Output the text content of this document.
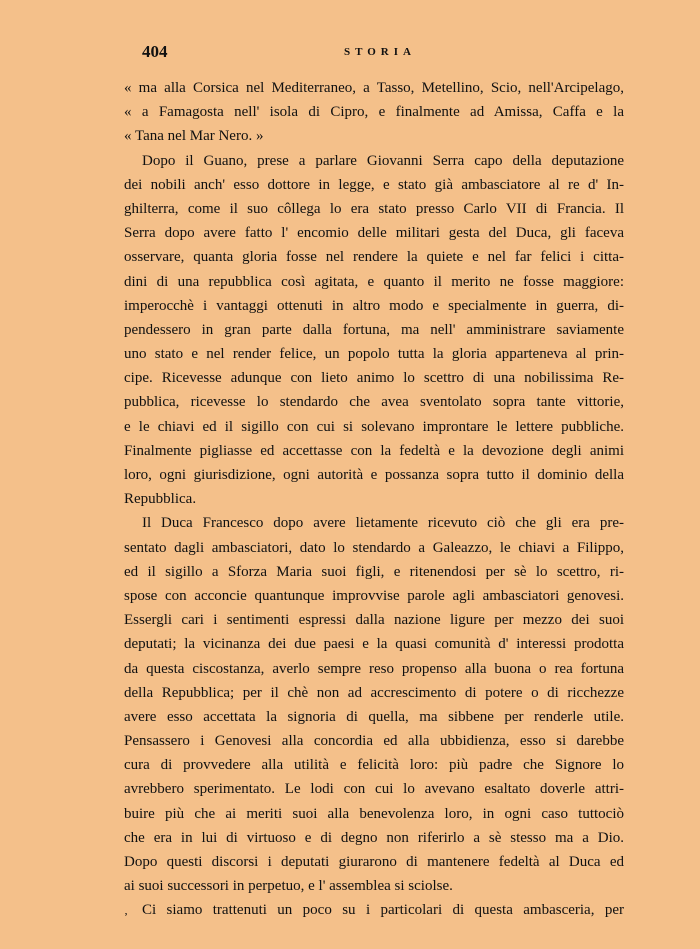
404	STORIA
« ma alla Corsica nel Mediterraneo, a Tasso, Metellino, Scio, nell'Arcipelago,
« a Famagosta nell' isola di Cipro, e finalmente ad Amissa, Caffa e la
« Tana nel Mar Nero. »
Dopo il Guano, prese a parlare Giovanni Serra capo della deputazione
dei nobili anch' esso dottore in legge, e stato già ambasciatore al re d' In-
ghilterra, come il suo côllega lo era stato presso Carlo VII di Francia. Il
Serra dopo avere fatto l' encomio delle militari gesta del Duca, gli faceva
osservare, quanta gloria fosse nel rendere la quiete e nel far felici i citta-
dini di una repubblica così agitata, e quanto il merito ne fosse maggiore:
imperocchè i vantaggi ottenuti in altro modo e specialmente in guerra, di-
pendessero in gran parte dalla fortuna, ma nell' amministrare saviamente
uno stato e nel render felice, un popolo tutta la gloria apparteneva al prin-
cipe. Ricevesse adunque con lieto animo lo scettro di una nobilissima Re-
pubblica, ricevesse lo stendardo che avea sventolato sopra tante vittorie,
e le chiavi ed il sigillo con cui si solevano improntare le lettere pubbliche.
Finalmente pigliasse ed accettasse con la fedeltà e la devozione degli animi
loro, ogni giurisdizione, ogni autorità e possanza sopra tutto il dominio della
Repubblica.
Il Duca Francesco dopo avere lietamente ricevuto ciò che gli era pre-
sentato dagli ambasciatori, dato lo stendardo a Galeazzo, le chiavi a Filippo,
ed il sigillo a Sforza Maria suoi figli, e ritenendosi per sè lo scettro, ri-
spose con acconcie quantunque improvvise parole agli ambasciatori genovesi.
Essergli cari i sentimenti espressi dalla nazione ligure per mezzo dei suoi
deputati; la vicinanza dei due paesi e la quasi comunità d' interessi prodotta
da questa ciscostanza, averlo sempre reso propenso alla buona o rea fortuna
della Repubblica; per il chè non ad accrescimento di potere o di ricchezze
avere esso accettata la signoria di quella, ma sibbene per renderle utile.
Pensassero i Genovesi alla concordia ed alla ubbidienza, esso si darebbe
cura di provvedere alla utilità e felicità loro: più padre che Signore lo
avrebbero sperimentato. Le lodi con cui lo avevano esaltato doverle attri-
buire più che ai meriti suoi alla benevolenza loro, in ogni caso tuttociò
che era in lui di virtuoso e di degno non riferirlo a sè stesso ma a Dio.
Dopo questi discorsi i deputati giurarono di mantenere fedeltà al Duca ed
ai suoi successori in perpetuo, e l' assemblea si sciolse.
Ci siamo trattenuti un poco su i particolari di questa ambasceria, per
‚
